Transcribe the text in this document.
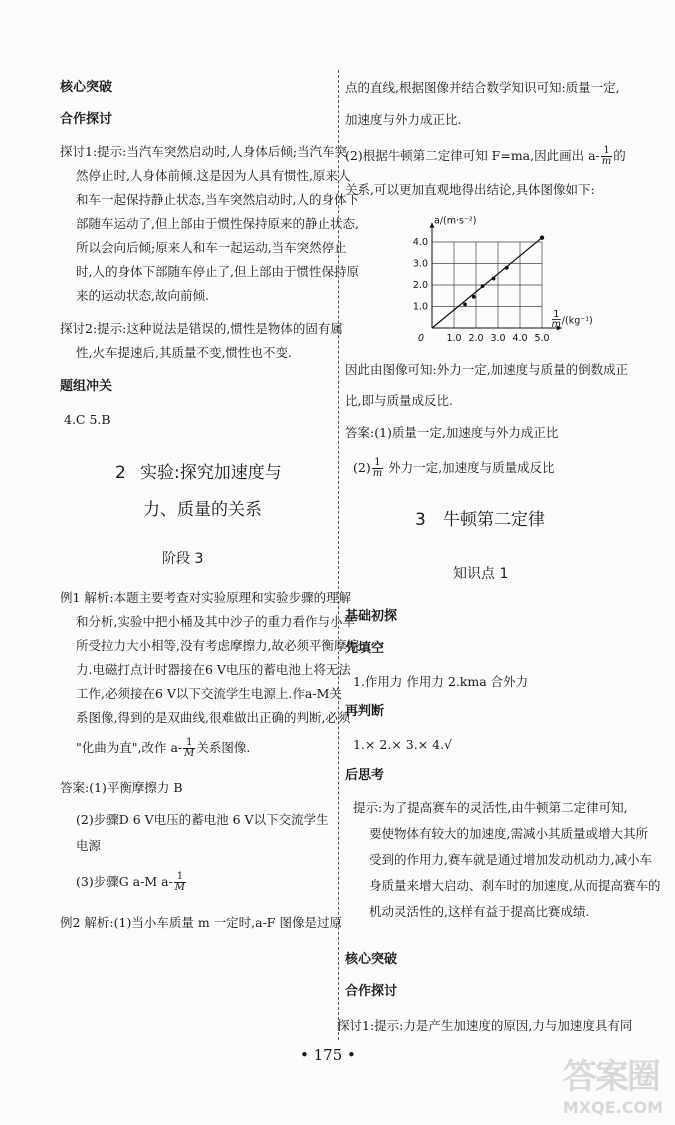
核心突破
合作探讨
探讨1:提示:当汽车突然启动时,人身体后倾;当汽车突
然停止时,人身体前倾.这是因为人具有惯性,原来人
和车一起保持静止状态,当车突然启动时,人的身体下
部随车运动了,但上部由于惯性保持原来的静止状态,
所以会向后倾;原来人和车一起运动,当车突然停止
时,人的身体下部随车停止了,但上部由于惯性保持原
来的运动状态,故向前倾.
探讨2:提示:这种说法是错误的,惯性是物体的固有属
性,火车提速后,其质量不变,惯性也不变.
题组冲关
4.C 5.B
2 实验:探究加速度与
力、质量的关系
阶段 3
例1 解析:本题主要考查对实验原理和实验步骤的理解
和分析,实验中把小桶及其中沙子的重力看作与小车
所受拉力大小相等,没有考虑摩擦力,故必须平衡摩擦
力.电磁打点计时器接在6 V电压的蓄电池上将无法
工作,必须接在6 V以下交流学生电源上.作a-M关
系图像,得到的是双曲线,很难做出正确的判断,必须
"化曲为直",改作 $a- \frac{1}{M}$ 关系图像.
答案:(1)平衡摩擦力 B
(2)步骤D 6 V电压的蓄电池 6 V以下交流学生
电源
(3)步骤G a-M $a- \frac{1}{M}$
例2 解析:(1)当小车质量 m 一定时,a-F 图像是过原
点的直线,根据图像并结合数学知识可知:质量一定,
加速度与外力成正比.
(2)根据牛顿第二定律可知 F=ma,因此画出 $a- \frac{1}{m}$ 的
关系,可以更加直观地得出结论,具体图像如下:
1.0 2.0 3.0 4.0 5.0
1.0
2.0
3.0
4.0
0
a/(m·s⁻²)
1
m /(kg⁻¹)
因此由图像可知:外力一定,加速度与质量的倒数成正
比,即与质量成反比.
答案:(1)质量一定,加速度与外力成正比
$(2) \frac{1}{m}$ 外力一定,加速度与质量成反比
3 牛顿第二定律
知识点 1
基础初探
先填空
1.作用力 作用力 2.kma 合外力
再判断
1.× 2.× 3.× 4.√
后思考
提示:为了提高赛车的灵活性,由牛顿第二定律可知,
要使物体有较大的加速度,需减小其质量或增大其所
受到的作用力,赛车就是通过增加发动机动力,减小车
身质量来增大启动、刹车时的加速度,从而提高赛车的
机动灵活性的,这样有益于提高比赛成绩.
核心突破
合作探讨
探讨1:提示:力是产生加速度的原因,力与加速度具有同
• 175 •
答案圈
MXQE.COM
